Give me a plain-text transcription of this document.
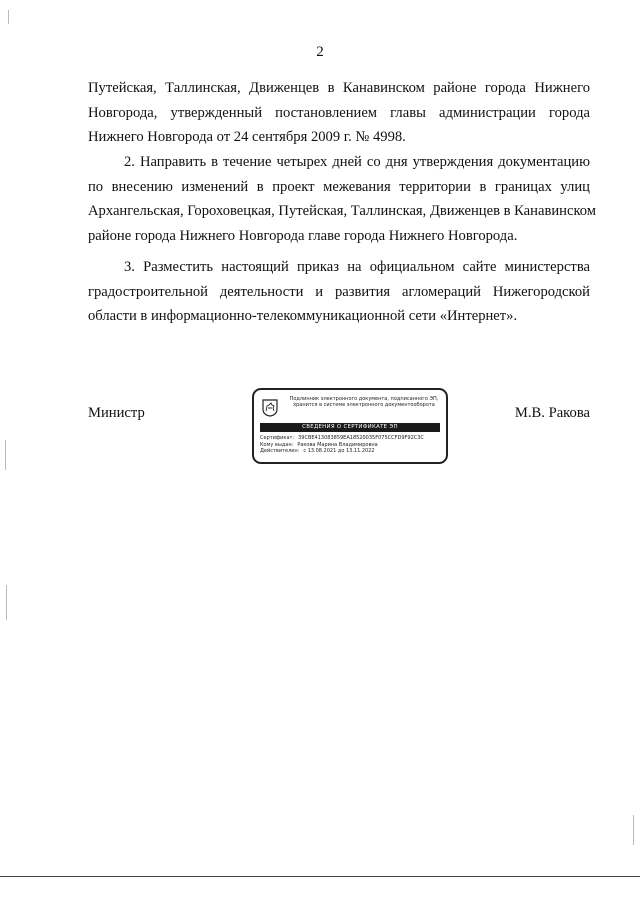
2
Путейская, Таллинская, Движенцев в Канавинском районе города Нижнего
Новгорода, утвержденный постановлением главы администрации города
Нижнего Новгорода от 24 сентября 2009 г. № 4998.
2. Направить в течение четырех дней со дня утверждения документацию
по внесению изменений в проект межевания территории в границах улиц
Архангельская, Гороховецкая, Путейская, Таллинская, Движенцев в Канавинском
районе города Нижнего Новгорода главе города Нижнего Новгорода.
3. Разместить настоящий приказ на официальном сайте министерства
градостроительной деятельности и развития агломераций Нижегородской
области в информационно-телекоммуникационной сети «Интернет».
Министр	М.В. Ракова
Подлинник электронного документа, подписанного ЭП,
хранится в системе электронного документооборота
СВЕДЕНИЯ О СЕРТИФИКАТЕ ЭП
Сертификат: 39CBE413083859EA18520035F075CCFD9F92C3C
Кому выдан: Ракова Марина Владимировна
Действителен: с 13.08.2021 до 13.11.2022
